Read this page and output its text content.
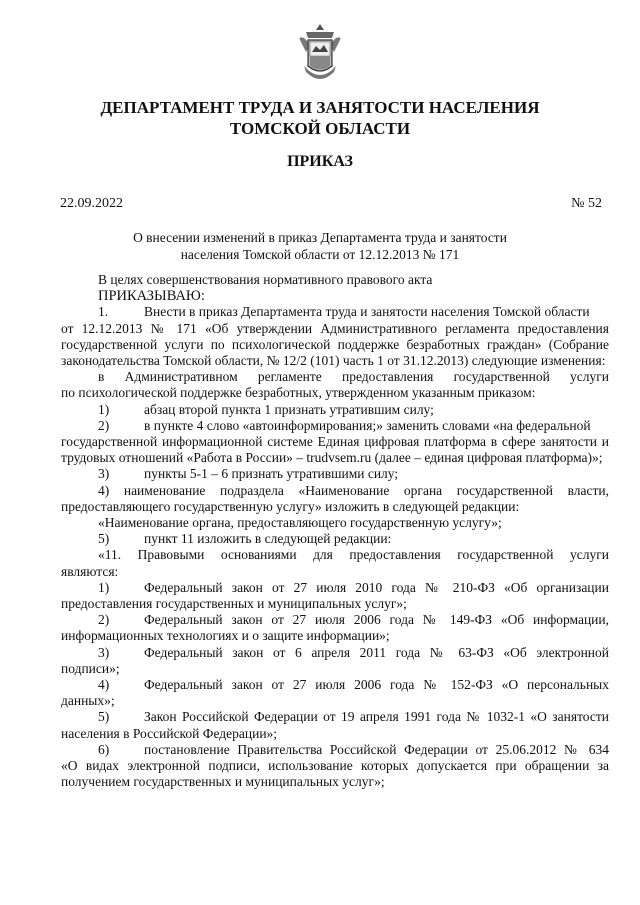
ДЕПАРТАМЕНТ ТРУДА И ЗАНЯТОСТИ НАСЕЛЕНИЯ
ТОМСКОЙ ОБЛАСТИ
ПРИКАЗ
22.09.2022	№ 52
О внесении изменений в приказ Департамента труда и занятости
населения Томской области от 12.12.2013 № 171
В целях совершенствования нормативного правового акта
ПРИКАЗЫВАЮ:
1.	Внести в приказ Департамента труда и занятости населения Томской области
от 12.12.2013 № 171 «Об утверждении Административного регламента предоставления государственной услуги по психологической поддержке безработных граждан» (Собрание законодательства Томской области, № 12/2 (101) часть 1 от 31.12.2013) следующие изменения:
в Административном регламенте предоставления государственной услуги
по психологической поддержке безработных, утвержденном указанным приказом:
1)	абзац второй пункта 1 признать утратившим силу;
2)	в пункте 4 слово «автоинформирования;» заменить словами «на федеральной
государственной информационной системе Единая цифровая платформа в сфере занятости и трудовых отношений «Работа в России» – trudvsem.ru (далее – единая цифровая платформа)»;
3)	пункты 5-1 – 6 признать утратившими силу;
4) наименование подраздела «Наименование органа государственной власти,
предоставляющего государственную услугу» изложить в следующей редакции:
«Наименование органа, предоставляющего государственную услугу»;
5)	пункт 11 изложить в следующей редакции:
«11. Правовыми основаниями для предоставления государственной услуги
являются:
1)	Федеральный закон от 27 июля 2010 года № 210-ФЗ «Об организации
предоставления государственных и муниципальных услуг»;
2)	Федеральный закон от 27 июля 2006 года № 149-ФЗ «Об информации,
информационных технологиях и о защите информации»;
3)	Федеральный закон от 6 апреля 2011 года № 63-ФЗ «Об электронной
подписи»;
4)	Федеральный закон от 27 июля 2006 года № 152-ФЗ «О персональных
данных»;
5)	Закон Российской Федерации от 19 апреля 1991 года № 1032-1 «О занятости
населения в Российской Федерации»;
6)	постановление Правительства Российской Федерации от 25.06.2012 № 634
«О видах электронной подписи, использование которых допускается при обращении за получением государственных и муниципальных услуг»;
